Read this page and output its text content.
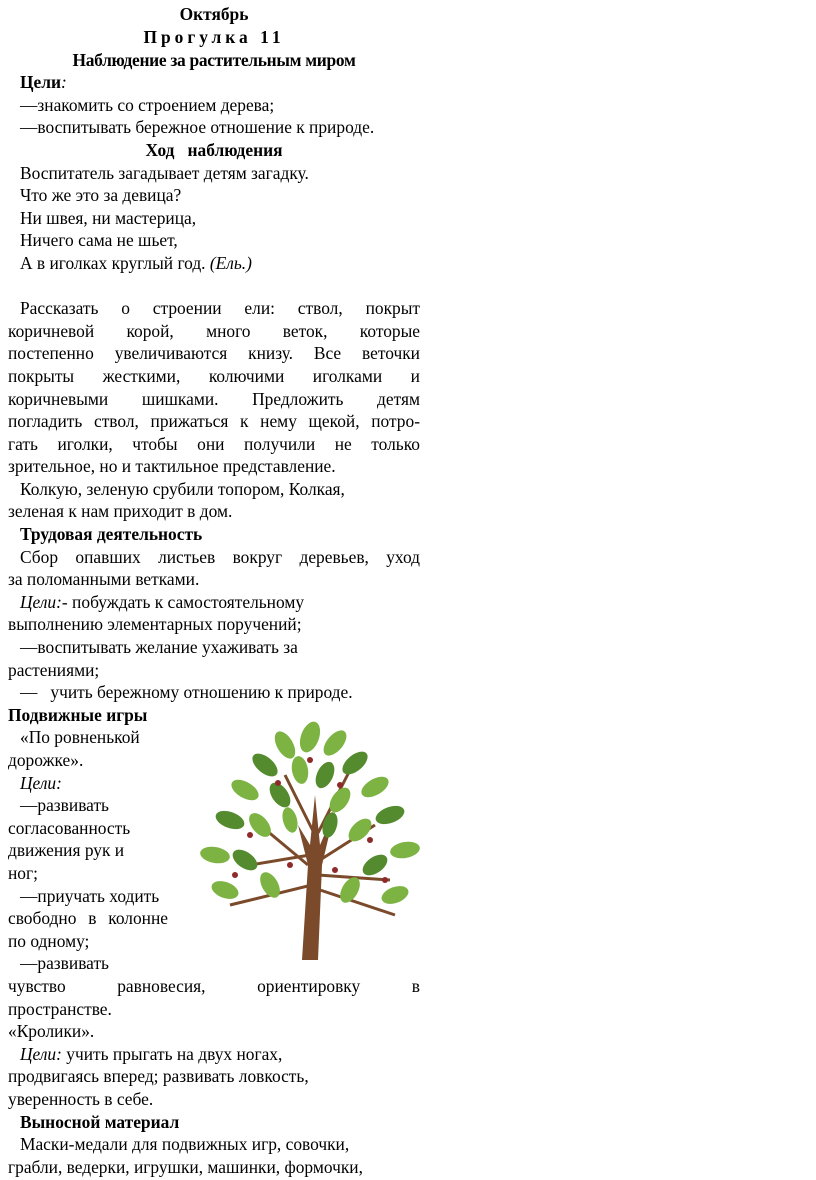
Октябрь

Прогулка 11

Наблюдение за растительным миром

Цели:

—знакомить со строением дерева;

—воспитывать бережное отношение к природе.

Ход   наблюдения

Воспитатель загадывает детям загадку.

Что же это за девица?

Ни швея, ни мастерица,

Ничего сама не шьет,

А в иголках круглый год. (Ель.)

Рассказать о строении ели: ствол, покрыт

коричневой корой, много веток, которые

постепенно увеличиваются книзу. Все веточки

покрыты жесткими, колючими иголками и

коричневыми шишками. Предложить детям

погладить ствол, прижаться к нему щекой, потро-

гать иголки, чтобы они получили не только

зрительное, но и тактильное представление.

Колкую, зеленую срубили топором, Колкая,

зеленая к нам приходит в дом.

Трудовая деятельность

Сбор опавших листьев вокруг деревьев, уход

за поломанными ветками.

Цели:- побуждать к самостоятельному

выполнению элементарных поручений;

—воспитывать желание ухаживать за

растениями;

—   учить бережному отношению к природе.

Подвижные игры

«По ровненькой

дорожке».

Цели:

—развивать

согласованность

движения рук и

ног;

—приучать ходить

свободно в колонне

по одному;

—развивать

чувство равновесия, ориентировку в

пространстве.

«Кролики».

Цели: учить прыгать на двух ногах,

продвигаясь вперед; развивать ловкость,

уверенность в себе.

Выносной материал

Маски-медали для подвижных игр, совочки,

грабли, ведерки, игрушки, машинки, формочки,
